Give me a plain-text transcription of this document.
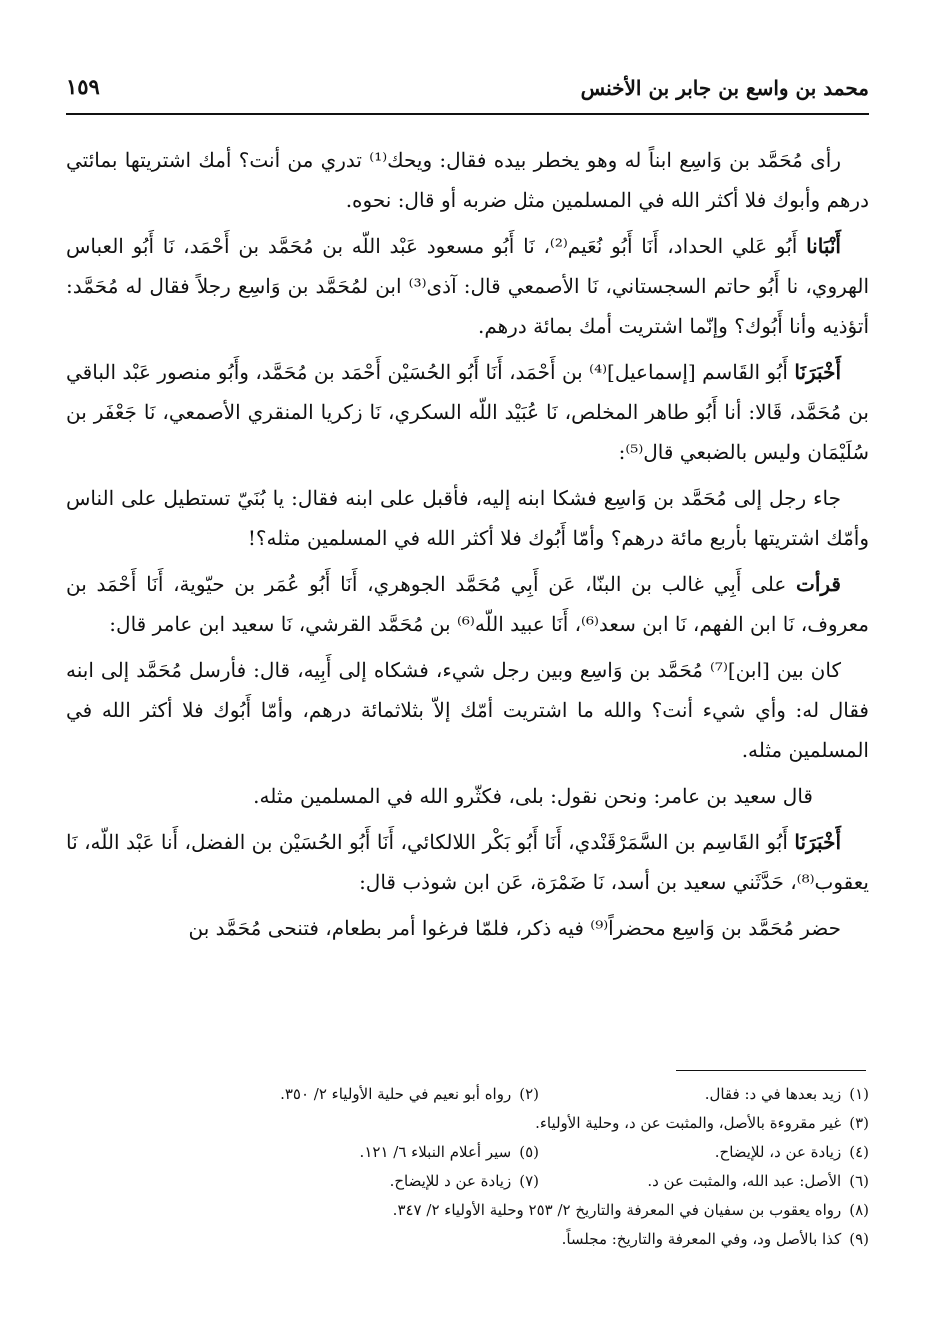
محمد بن واسع بن جابر بن الأخنس
١٥٩

رأى مُحَمَّد بن وَاسِع ابناً له وهو يخطر بيده فقال: ويحك⁽¹⁾ تدري من أنت؟ أمك اشتريتها بمائتي درهم وأبوك فلا أكثر الله في المسلمين مثل ضربه أو قال: نحوه.

أَنْبَانا أَبُو عَلي الحداد، أَنَا أَبُو نُعَيم⁽²⁾، نَا أَبُو مسعود عَبْد اللّه بن مُحَمَّد بن أَحْمَد، نَا أَبُو العباس الهروي، نا أَبُو حاتم السجستاني، نَا الأصمعي قال: آذى⁽³⁾ ابن لمُحَمَّد بن وَاسِع رجلاً فقال له مُحَمَّد: أتؤذيه وأنا أَبُوك؟ وإنّما اشتريت أمك بمائة درهم.

أَخْبَرَنَا أَبُو القَاسم [إسماعيل]⁽⁴⁾ بن أَحْمَد، أَنَا أَبُو الحُسَيْن أَحْمَد بن مُحَمَّد، وأَبُو منصور عَبْد الباقي بن مُحَمَّد، قَالا: أنا أَبُو طاهر المخلص، نَا عُبَيْد اللّه السكري، نَا زكريا المنقري الأصمعي، نَا جَعْفَر بن سُلَيْمَان وليس بالضبعي قال⁽⁵⁾:

جاء رجل إلى مُحَمَّد بن وَاسِع فشكا ابنه إليه، فأقبل على ابنه فقال: يا بُنَيّ تستطيل على الناس وأمّك اشتريتها بأربع مائة درهم؟ وأمّا أَبُوك فلا أكثر الله في المسلمين مثله؟!

قرأت على أَبِي غالب بن البنّا، عَن أَبِي مُحَمَّد الجوهري، أَنَا أَبُو عُمَر بن حيّوية، أَنَا أَحْمَد بن معروف، نَا ابن الفهم، نَا ابن سعد⁽⁶⁾، أَنَا عبيد اللّه⁽⁶⁾ بن مُحَمَّد القرشي، نَا سعيد ابن عامر قال:

كان بين [ابن]⁽⁷⁾ مُحَمَّد بن وَاسِع وبين رجل شيء، فشكاه إلى أَبِيه، قال: فأرسل مُحَمَّد إلى ابنه فقال له: وأي شيء أنت؟ والله ما اشتريت أمّك إلاّ بثلاثمائة درهم، وأمّا أَبُوك فلا أكثر الله في المسلمين مثله.

قال سعيد بن عامر: ونحن نقول: بلى، فكثّرو الله في المسلمين مثله.

أَخْبَرَنَا أَبُو القَاسِم بن السَّمَرْقَنْدي، أَنَا أَبُو بَكْر اللالكائي، أَنَا أَبُو الحُسَيْن بن الفضل، أَنا عَبْد اللّه، نَا يعقوب⁽⁸⁾، حَدَّثَني سعيد بن أسد، نَا ضَمْرَة، عَن ابن شوذب قال:

حضر مُحَمَّد بن وَاسِع محضراً⁽⁹⁾ فيه ذكر، فلمّا فرغوا أمر بطعام، فتنحى مُحَمَّد بن

(١)زيد بعدها في د: فقال.
(٢)رواه أبو نعيم في حلية الأولياء ٢/ ٣٥٠.
(٣)غير مقروءة بالأصل، والمثبت عن د، وحلية الأولياء.
(٤)زيادة عن د، للإيضاح.
(٥)سير أعلام النبلاء ٦/ ١٢١.
(٦)الأصل: عبد الله، والمثبت عن د.
(٧)زيادة عن د للإيضاح.
(٨)رواه يعقوب بن سفيان في المعرفة والتاريخ ٢/ ٢٥٣ وحلية الأولياء ٢/ ٣٤٧.
(٩)كذا بالأصل ود، وفي المعرفة والتاريخ: مجلساً.
